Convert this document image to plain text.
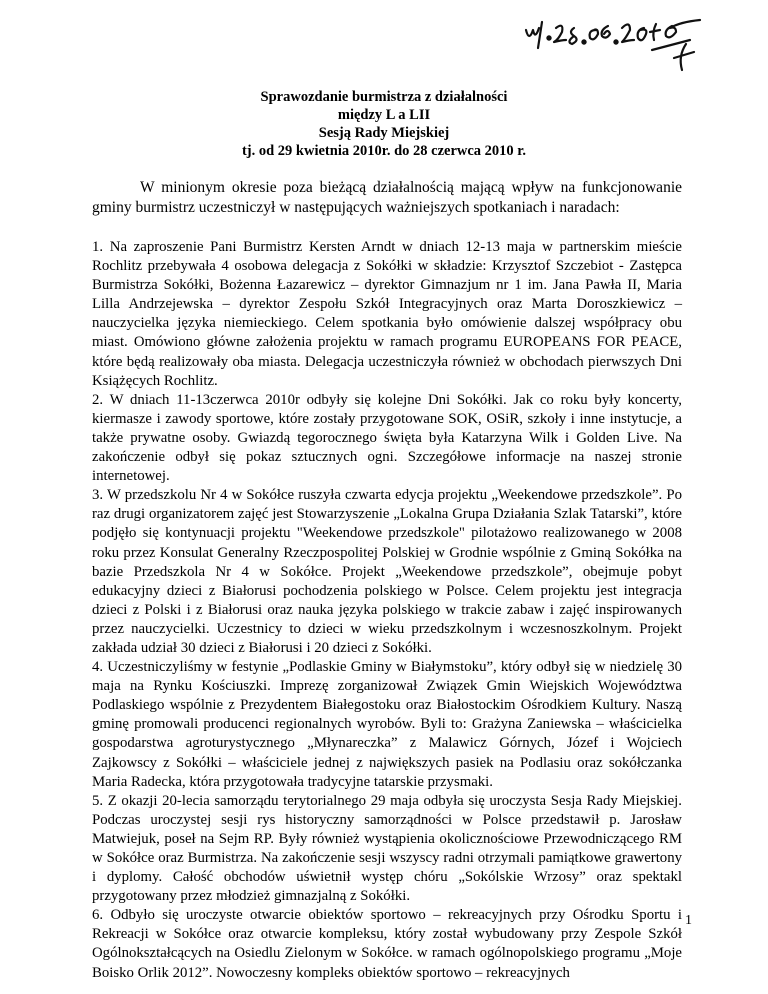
Sprawozdanie burmistrza z działalności
między L a LII
Sesją Rady Miejskiej
tj. od 29 kwietnia 2010r. do 28 czerwca 2010 r.
W minionym okresie poza bieżącą działalnością mającą wpływ na funkcjonowanie gminy burmistrz uczestniczył w następujących ważniejszych spotkaniach i naradach:

1. Na zaproszenie Pani Burmistrz Kersten Arndt w dniach 12-13 maja w partnerskim mieście Rochlitz przebywała 4 osobowa delegacja z Sokółki w składzie: Krzysztof Szczebiot - Zastępca Burmistrza Sokółki, Bożenna Łazarewicz – dyrektor Gimnazjum nr 1 im. Jana Pawła II, Maria Lilla Andrzejewska – dyrektor Zespołu Szkół Integracyjnych oraz Marta Doroszkiewicz – nauczycielka języka niemieckiego. Celem spotkania było omówienie dalszej współpracy obu miast. Omówiono główne założenia projektu w ramach programu EUROPEANS FOR PEACE, które będą realizowały oba miasta. Delegacja uczestniczyła również w obchodach pierwszych Dni Książęcych Rochlitz.

2. W dniach 11-13czerwca 2010r odbyły się kolejne Dni Sokółki. Jak co roku były koncerty, kiermasze i zawody sportowe, które zostały przygotowane SOK, OSiR, szkoły i inne instytucje, a także prywatne osoby. Gwiazdą tegorocznego święta była Katarzyna Wilk i Golden Live. Na zakończenie odbył się pokaz sztucznych ogni. Szczegółowe informacje na naszej stronie internetowej.

3. W przedszkolu Nr 4 w Sokółce ruszyła czwarta edycja projektu „Weekendowe przedszkole”. Po raz drugi organizatorem zajęć jest Stowarzyszenie „Lokalna Grupa Działania Szlak Tatarski”, które podjęło się kontynuacji projektu "Weekendowe przedszkole" pilotażowo realizowanego w 2008 roku przez Konsulat Generalny Rzeczpospolitej Polskiej w Grodnie wspólnie z Gminą Sokółka na bazie Przedszkola Nr 4 w Sokółce. Projekt „Weekendowe przedszkole”, obejmuje pobyt edukacyjny dzieci z Białorusi pochodzenia polskiego w Polsce. Celem projektu jest integracja dzieci z Polski i z Białorusi oraz nauka języka polskiego w trakcie zabaw i zajęć inspirowanych przez nauczycielki. Uczestnicy to dzieci w wieku przedszkolnym i wczesnoszkolnym. Projekt zakłada udział 30 dzieci z Białorusi i 20 dzieci z Sokółki.

4. Uczestniczyliśmy w festynie „Podlaskie Gminy w Białymstoku”, który odbył się w niedzielę 30 maja na Rynku Kościuszki. Imprezę zorganizował Związek Gmin Wiejskich Województwa Podlaskiego wspólnie z Prezydentem Białegostoku oraz Białostockim Ośrodkiem Kultury. Naszą gminę promowali producenci regionalnych wyrobów. Byli to: Grażyna Zaniewska – właścicielka gospodarstwa agroturystycznego „Młynareczka” z Malawicz Górnych, Józef i Wojciech Zajkowscy z Sokółki – właściciele jednej z największych pasiek na Podlasiu oraz sokółczanka Maria Radecka, która przygotowała tradycyjne tatarskie przysmaki.

5. Z okazji 20-lecia samorządu terytorialnego 29 maja odbyła się uroczysta Sesja Rady Miejskiej. Podczas uroczystej sesji rys historyczny samorządności w Polsce przedstawił p. Jarosław Matwiejuk, poseł na Sejm RP. Były również wystąpienia okolicznościowe Przewodniczącego RM w Sokółce oraz Burmistrza. Na zakończenie sesji wszyscy radni otrzymali pamiątkowe grawertony i dyplomy. Całość obchodów uświetnił występ chóru „Sokólskie Wrzosy” oraz spektakl przygotowany przez młodzież gimnazjalną z Sokółki.

6. Odbyło się uroczyste otwarcie obiektów sportowo – rekreacyjnych przy Ośrodku Sportu i Rekreacji w Sokółce oraz otwarcie kompleksu, który został wybudowany przy Zespole Szkół Ogólnokształcących na Osiedlu Zielonym w Sokółce. w ramach ogólnopolskiego programu „Moje Boisko Orlik 2012”. Nowoczesny kompleks obiektów sportowo – rekreacyjnych

1
